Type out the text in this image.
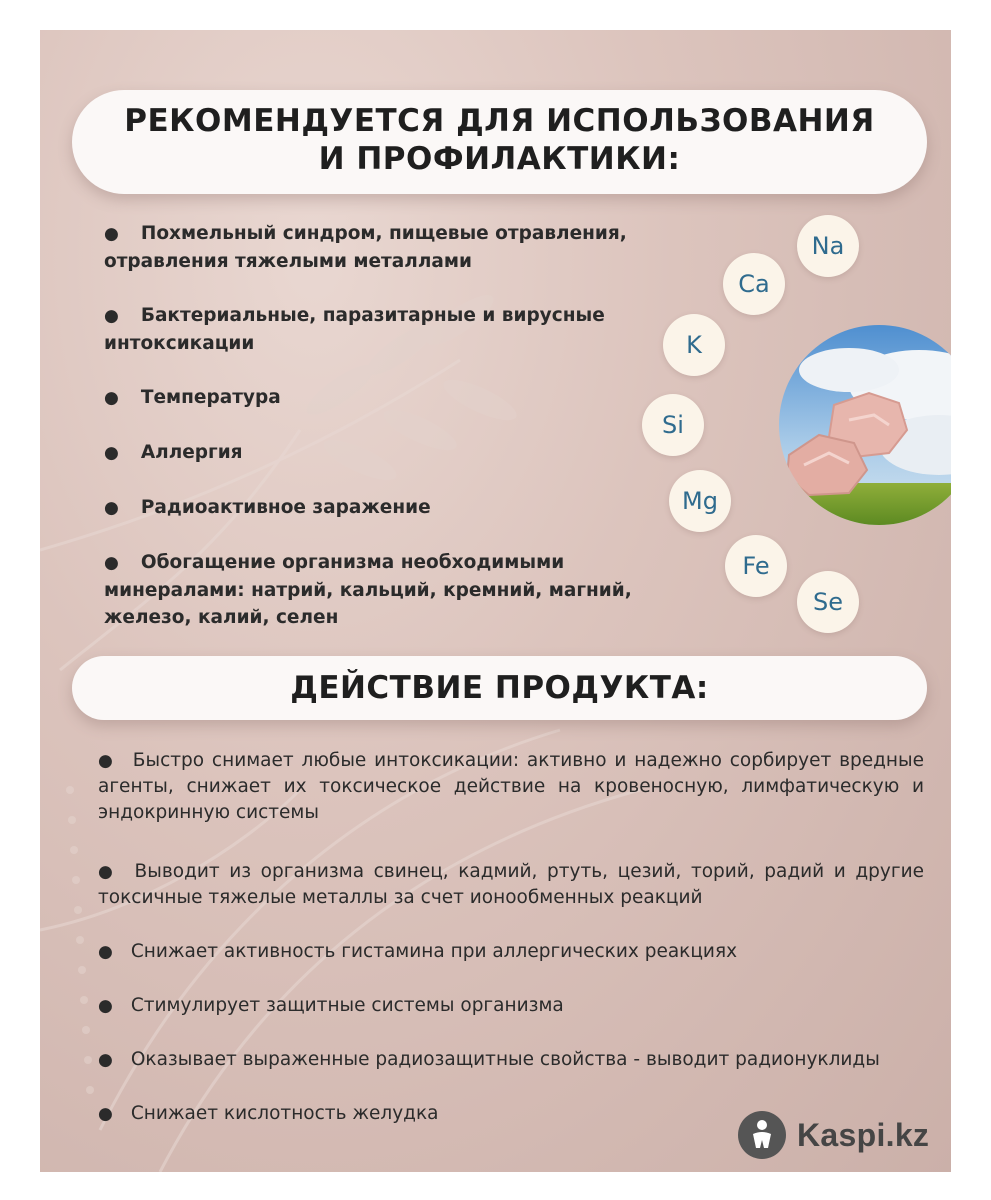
РЕКОМЕНДУЕТСЯ ДЛЯ ИСПОЛЬЗОВАНИЯ
И ПРОФИЛАКТИКИ:
● Похмельный синдром, пищевые отравления,
отравления тяжелыми металлами
● Бактериальные, паразитарные и вирусные
интоксикации
● Температура
● Аллергия
● Радиоактивное заражение
● Обогащение организма необходимыми
минералами: натрий, кальций, кремний, магний,
железо, калий, селен
Na
Ca
K
Si
Mg
Fe
Se
ДЕЙСТВИЕ ПРОДУКТА:
● Быстро снимает любые интоксикации: активно и надежно сорбирует вредные агенты, снижает их токсическое действие на кровеносную, лимфатическую и эндокринную системы
● Выводит из организма свинец, кадмий, ртуть, цезий, торий, радий и другие токсичные тяжелые металлы за счет ионообменных реакций
● Снижает активность гистамина при аллергических реакциях
● Стимулирует защитные системы организма
● Оказывает выраженные радиозащитные свойства - выводит радионуклиды
● Снижает кислотность желудка
Kaspi.kz
